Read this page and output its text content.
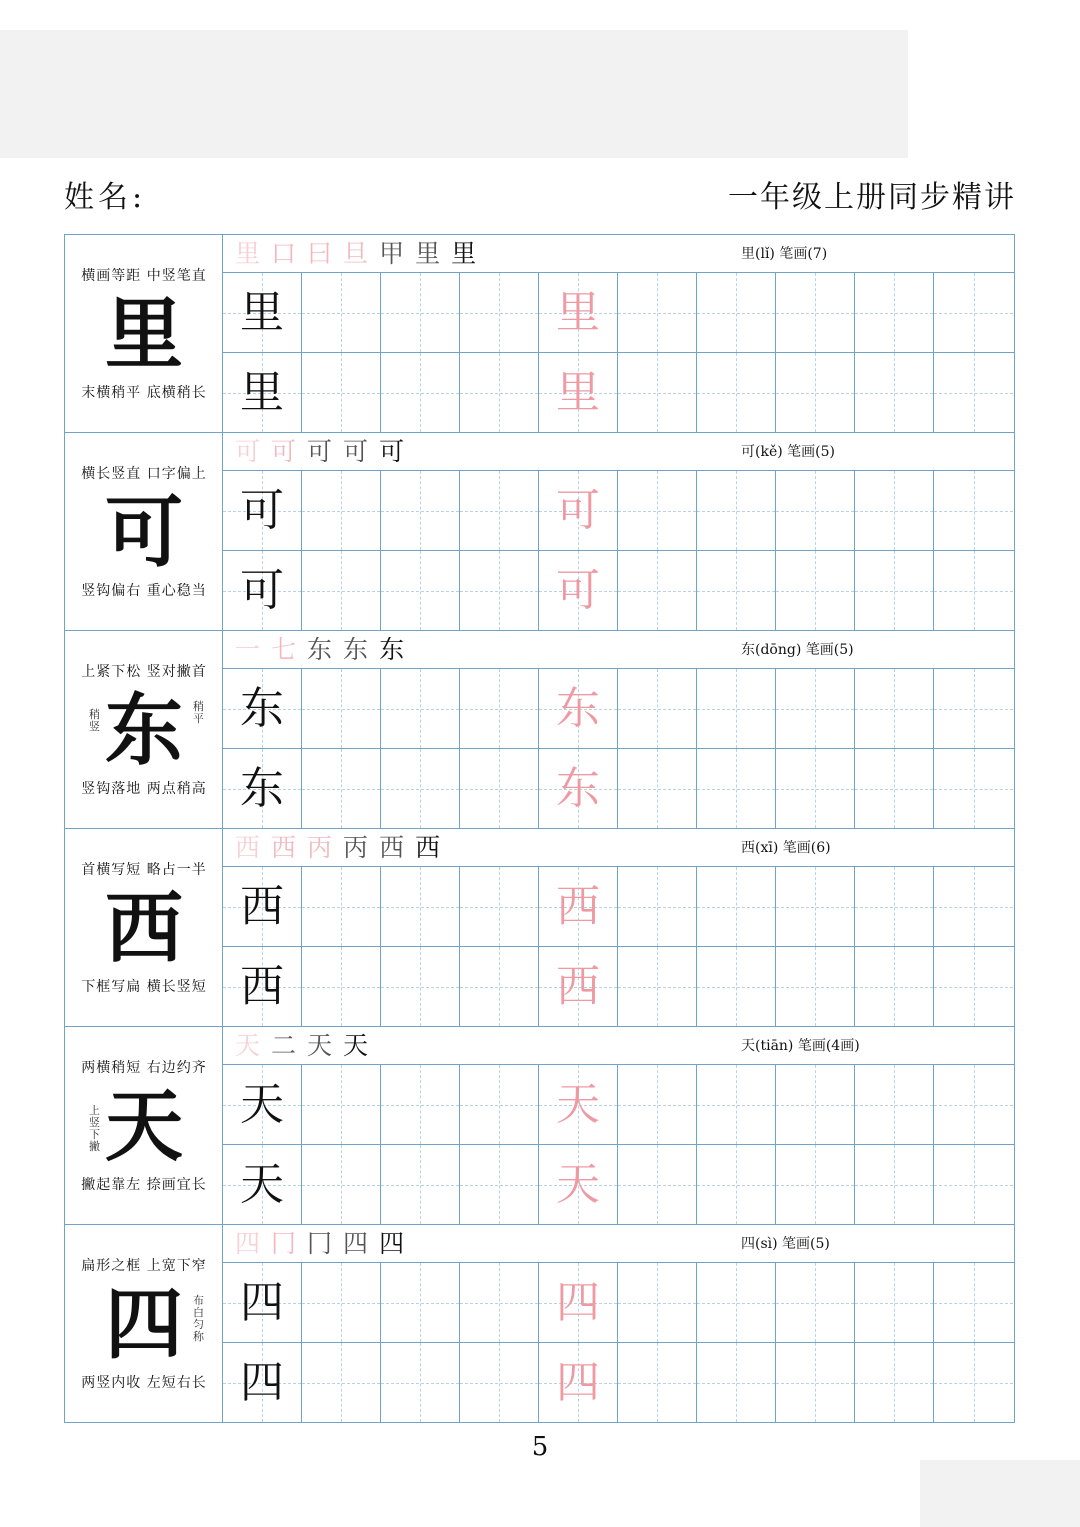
姓名:	一年级上册同步精讲
横画等距 中竖笔直
里
末横稍平 底横稍长
里 口 曰 旦 甲 里 里	里(lǐ) 笔画(7)
里	里
里	里
横长竖直 口字偏上
可
竖钩偏右 重心稳当
可 可 可 可 可	可(kě) 笔画(5)
可	可
可	可
上紧下松 竖对撇首
东
稍竖
稍平
竖钩落地 两点稍高
一 七 东 东 东	东(dōng) 笔画(5)
东	东
东	东
首横写短 略占一半
西
下框写扁 横长竖短
西 西 丙 丙 西 西	西(xī) 笔画(6)
西	西
西	西
两横稍短 右边约齐
天
上竖下撇
撇起靠左 捺画宜长
天 二 天 天	天(tiān) 笔画(4画)
天	天
天	天
扁形之框 上宽下窄
四 布白匀称
两竖内收 左短右长
四 冂 冂 四 四	四(sì) 笔画(5)
四	四
四	四
5
